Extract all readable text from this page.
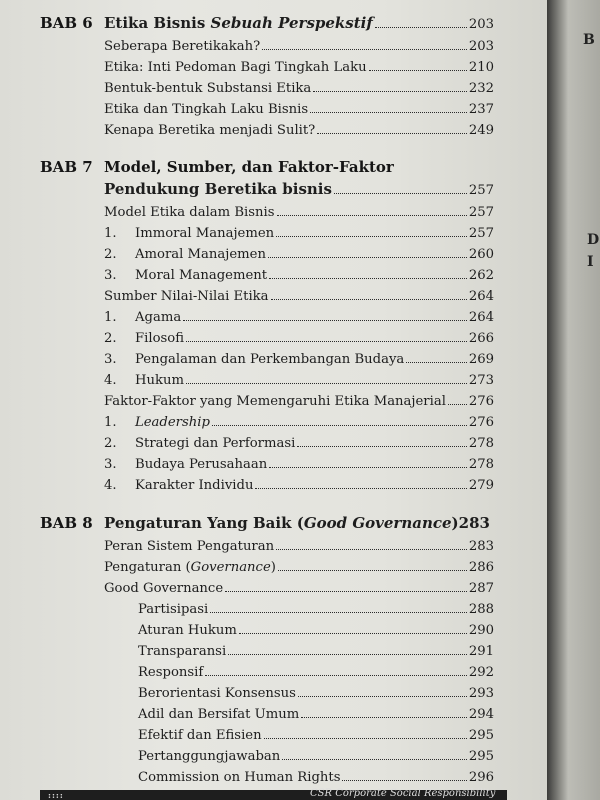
BAB 6 Etika Bisnis Sebuah Perspekstif	203
Seberapa Beretikakah?	203
Etika: Inti Pedoman Bagi Tingkah Laku	210
Bentuk-bentuk Substansi Etika	232
Etika dan Tingkah Laku Bisnis	237
Kenapa Beretika menjadi Sulit?	249
BAB 7 Model, Sumber, dan Faktor-Faktor
Pendukung Beretika bisnis	257
Model Etika dalam Bisnis	257
1.	Immoral Manajemen	257
2.	Amoral Manajemen	260
3.	Moral Management	262
Sumber Nilai-Nilai Etika	264
1.	Agama	264
2.	Filosofi	266
3.	Pengalaman dan Perkembangan Budaya	269
4.	Hukum	273
Faktor-Faktor yang Memengaruhi Etika Manajerial 276
1.	Leadership	276
2.	Strategi dan Performasi	278
3.	Budaya Perusahaan	278
4.	Karakter Individu	279
BAB 8 Pengaturan Yang Baik (Good Governance) 283
Peran Sistem Pengaturan	283
Pengaturan (Governance)	286
Good Governance	287
Partisipasi	288
Aturan Hukum	290
Transparansi	291
Responsif	292
Berorientasi Konsensus	293
Adil dan Bersifat Umum	294
Efektif dan Efisien	295
Pertanggungjawaban	295
Commission on Human Rights	296
::::	CSR Corporate Social Responsibility
B
D
I
